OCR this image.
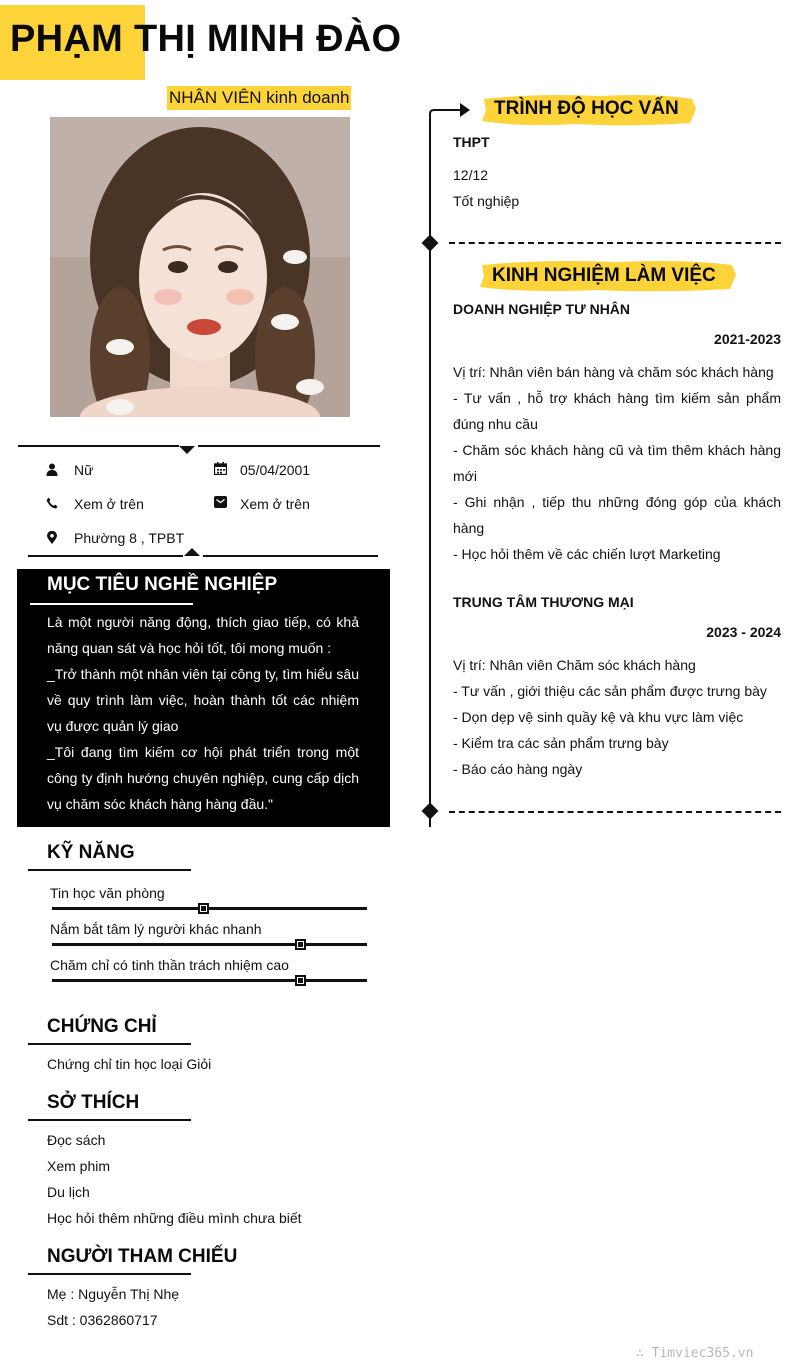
PHẠM THỊ MINH ĐÀO
NHÂN VIÊN kinh doanh
Nữ	05/04/2001
Xem ở trên	Xem ở trên
Phường 8 , TPBT
MỤC TIÊU NGHỀ NGHIỆP
Là một người năng động, thích giao tiếp, có khả năng quan sát và học hỏi tốt, tôi mong muốn :
_Trở thành một nhân viên tại công ty, tìm hiểu sâu về quy trình làm việc, hoàn thành tốt các nhiệm vụ được quản lý giao
_Tôi đang tìm kiếm cơ hội phát triển trong một công ty định hướng chuyên nghiệp, cung cấp dịch vụ chăm sóc khách hàng hàng đầu."
KỸ NĂNG
Tin học văn phòng
Nắm bắt tâm lý người khác nhanh
Chăm chỉ có tinh thần trách nhiệm cao
CHỨNG CHỈ
Chứng chỉ tin học loại Giỏi
SỞ THÍCH
Đọc sách
Xem phim
Du lịch
Học hỏi thêm những điều mình chưa biết
NGƯỜI THAM CHIẾU
Mẹ : Nguyễn Thị Nhẹ
Sdt : 0362860717
TRÌNH ĐỘ HỌC VẤN
THPT
12/12
Tốt nghiệp
KINH NGHIỆM LÀM VIỆC
DOANH NGHIỆP TƯ NHÂN
2021-2023
Vị trí: Nhân viên bán hàng và chăm sóc khách hàng
- Tư vấn , hỗ trợ khách hàng tìm kiếm sản phẩm đúng nhu cầu
- Chăm sóc khách hàng cũ và tìm thêm khách hàng mới
- Ghi nhận , tiếp thu những đóng góp của khách hàng
- Học hỏi thêm về các chiến lượt Marketing
TRUNG TÂM THƯƠNG MẠI
2023 - 2024
Vị trí: Nhân viên Chăm sóc khách hàng
- Tư vấn , giới thiệu các sản phẩm được trưng bày
- Dọn dẹp vệ sinh quầy kệ và khu vực làm việc
- Kiểm tra các sản phẩm trưng bày
- Báo cáo hàng ngày
∴ Timviec365.vn
